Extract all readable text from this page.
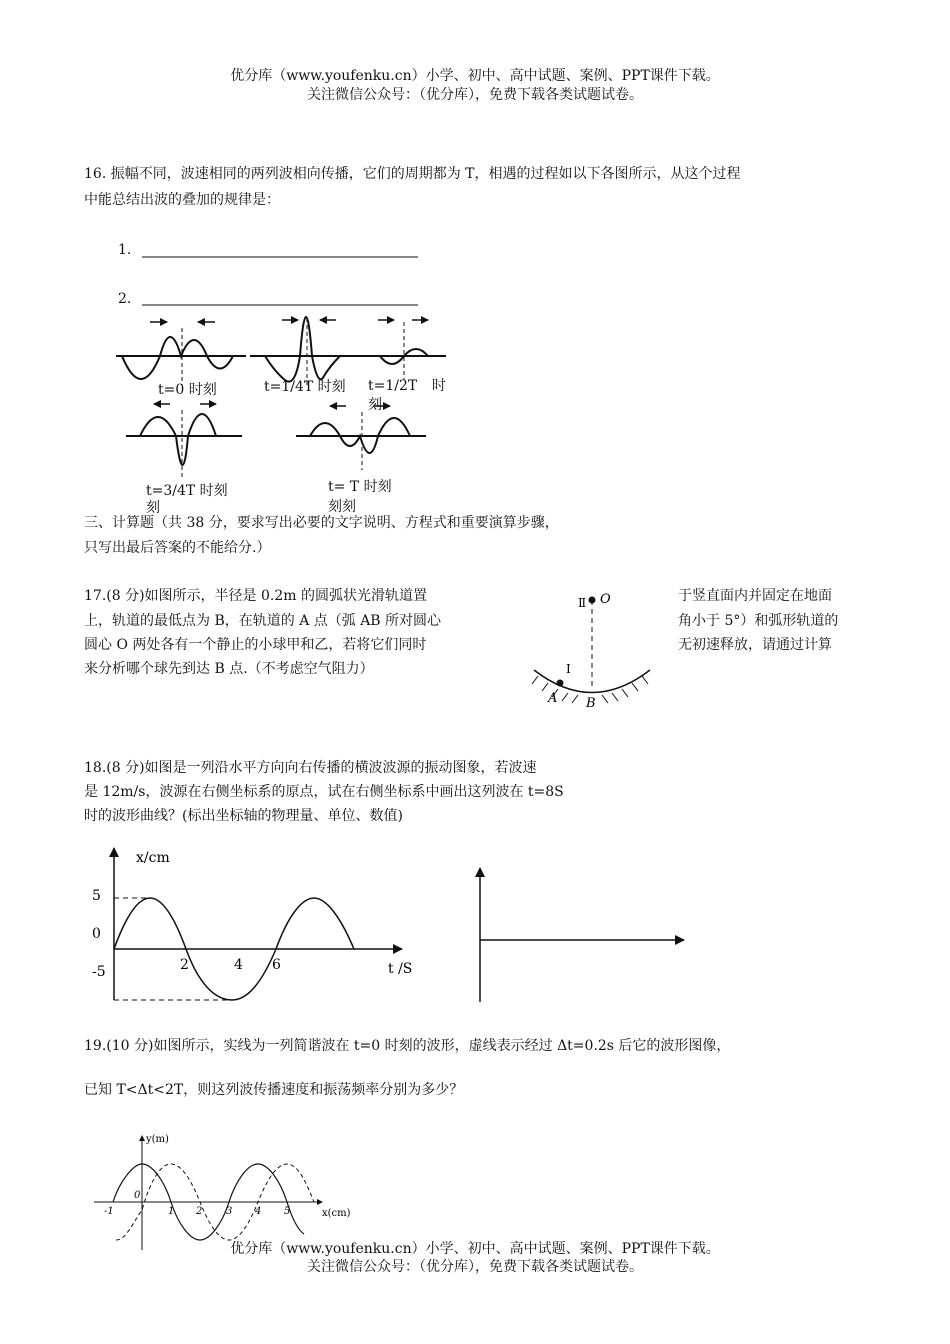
优分库（www.youfenku.cn）小学、初中、高中试题、案例、PPT课件下载。
关注微信公众号：（优分库），免费下载各类试题试卷。
16. 振幅不同，波速相同的两列波相向传播，它们的周期都为 T，相遇的过程如以下各图所示，从这个过程
中能总结出波的叠加的规律是：
1.
2.
t=0 时刻	t=1/4T 时刻 t=1/2T 时
刻
t=3/4T 时刻
刻
t= T 时刻
刻刻
三、计算题（共 38 分，要求写出必要的文字说明、方程式和重要演算步骤，
只写出最后答案的不能给分.）
17.(8 分)如图所示，半径是 0.2m 的圆弧状光滑轨道置
上，轨道的最低点为 B，在轨道的 A 点（弧 AB 所对圆心
圆心 O 两处各有一个静止的小球甲和乙，若将它们同时
来分析哪个球先到达 B 点.（不考虑空气阻力）
于竖直面内并固定在地面
角小于 5°）和弧形轨道的
无初速释放，请通过计算
Ⅱ O
I
A B
18.(8 分)如图是一列沿水平方向向右传播的横波波源的振动图象，若波速
是 12m/s，波源在右侧坐标系的原点，试在右侧坐标系中画出这列波在 t=8S
时的波形曲线？(标出坐标轴的物理量、单位、数值)
x/cm
5
0
-5	2	4 6	t /S
19.(10 分)如图所示，实线为一列简谐波在 t=0 时刻的波形，虚线表示经过 Δt=0.2s 后它的波形图像，
已知 T<Δt<2T，则这列波传播速度和振荡频率分别为多少？
y(m)
0
-1	1 2 3 4 5	x(cm)
优分库（www.youfenku.cn）小学、初中、高中试题、案例、PPT课件下载。
关注微信公众号：（优分库），免费下载各类试题试卷。
